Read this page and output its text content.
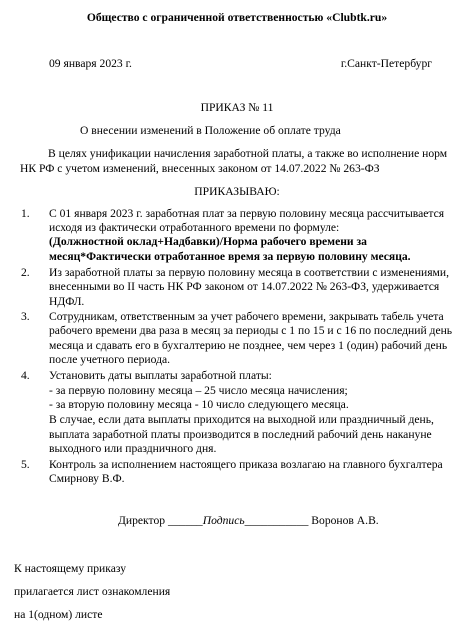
Общество с ограниченной ответственностью «Clubtk.ru»
09 января 2023 г.	г.Санкт-Петербург
ПРИКАЗ № 11
О внесении изменений в Положение об оплате труда
В целях унификации начисления заработной платы, а также во исполнение норм
НК РФ с учетом изменений, внесенных законом от 14.07.2022 № 263-ФЗ
ПРИКАЗЫВАЮ:
1. С 01 января 2023 г. заработная плат за первую половину месяца рассчитывается
исходя из фактически отработанного времени по формуле:
(Должностной оклад+Надбавки)/Норма рабочего времени за
месяц*Фактически отработанное время за первую половину месяца.
2. Из заработной платы за первую половину месяца в соответствии с изменениями,
внесенными во II часть НК РФ законом от 14.07.2022 № 263-ФЗ, удерживается
НДФЛ.
3. Сотрудникам, ответственным за учет рабочего времени, закрывать табель учета
рабочего времени два раза в месяц за периоды с 1 по 15 и с 16 по последний день
месяца и сдавать его в бухгалтерию не позднее, чем через 1 (один) рабочий день
после учетного периода.
4. Установить даты выплаты заработной платы:
- за первую половину месяца – 25 число месяца начисления;
- за вторую половину месяца - 10 число следующего месяца.
В случае, если дата выплаты приходится на выходной или праздничный день,
выплата заработной платы производится в последний рабочий день накануне
выходного или праздничного дня.
5. Контроль за исполнением настоящего приказа возлагаю на главного бухгалтера
Смирнову В.Ф.
Директор ______Подпись___________ Воронов А.В.
К настоящему приказу
прилагается лист ознакомления
на 1(одном) листе
